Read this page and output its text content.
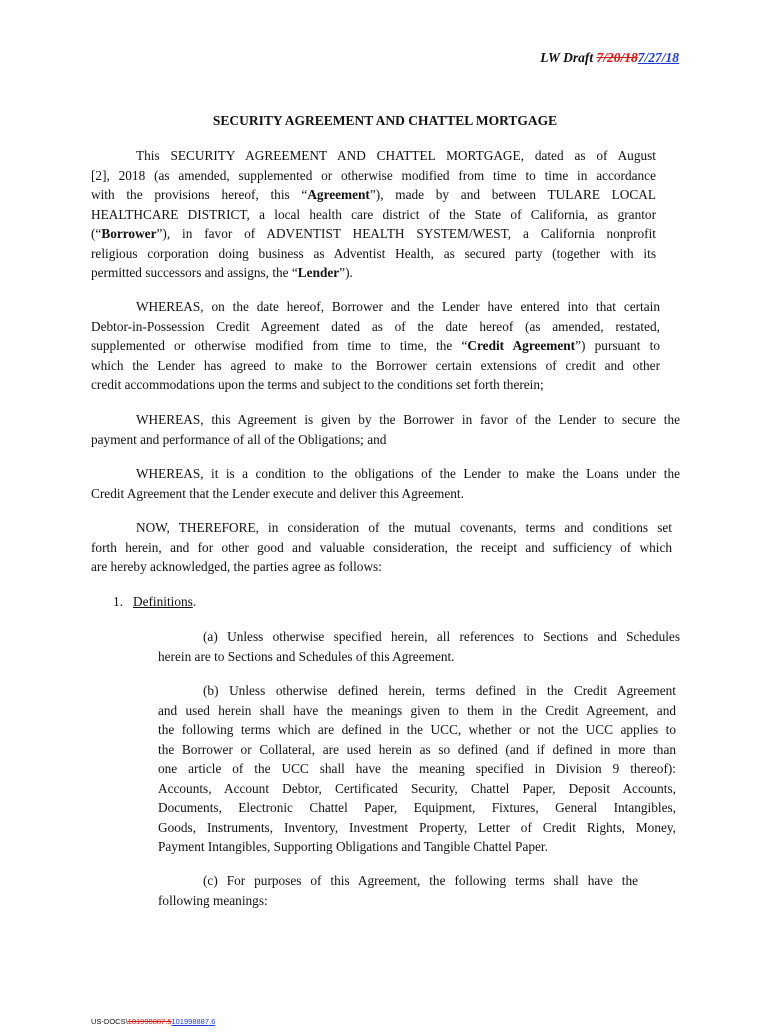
LW Draft 7/20/187/27/18
SECURITY AGREEMENT AND CHATTEL MORTGAGE
This SECURITY AGREEMENT AND CHATTEL MORTGAGE, dated as of August
[2], 2018 (as amended, supplemented or otherwise modified from time to time in accordance
with the provisions hereof, this “Agreement”), made by and between TULARE LOCAL
HEALTHCARE DISTRICT, a local health care district of the State of California, as grantor
(“Borrower”), in favor of ADVENTIST HEALTH SYSTEM/WEST, a California nonprofit
religious corporation doing business as Adventist Health, as secured party (together with its
permitted successors and assigns, the “Lender”).
WHEREAS, on the date hereof, Borrower and the Lender have entered into that certain
Debtor-in-Possession Credit Agreement dated as of the date hereof (as amended, restated,
supplemented or otherwise modified from time to time, the “Credit Agreement”) pursuant to
which the Lender has agreed to make to the Borrower certain extensions of credit and other
credit accommodations upon the terms and subject to the conditions set forth therein;
WHEREAS, this Agreement is given by the Borrower in favor of the Lender to secure the
payment and performance of all of the Obligations; and
WHEREAS, it is a condition to the obligations of the Lender to make the Loans under the
Credit Agreement that the Lender execute and deliver this Agreement.
NOW, THEREFORE, in consideration of the mutual covenants, terms and conditions set
forth herein, and for other good and valuable consideration, the receipt and sufficiency of which
are hereby acknowledged, the parties agree as follows:
1. Definitions.
(a) Unless otherwise specified herein, all references to Sections and Schedules
herein are to Sections and Schedules of this Agreement.
(b) Unless otherwise defined herein, terms defined in the Credit Agreement
and used herein shall have the meanings given to them in the Credit Agreement, and
the following terms which are defined in the UCC, whether or not the UCC applies to
the Borrower or Collateral, are used herein as so defined (and if defined in more than
one article of the UCC shall have the meaning specified in Division 9 thereof):
Accounts, Account Debtor, Certificated Security, Chattel Paper, Deposit Accounts,
Documents, Electronic Chattel Paper, Equipment, Fixtures, General Intangibles,
Goods, Instruments, Inventory, Investment Property, Letter of Credit Rights, Money,
Payment Intangibles, Supporting Obligations and Tangible Chattel Paper.
(c) For purposes of this Agreement, the following terms shall have the
following meanings:
US-DOCS\101998887.5101998887.6
